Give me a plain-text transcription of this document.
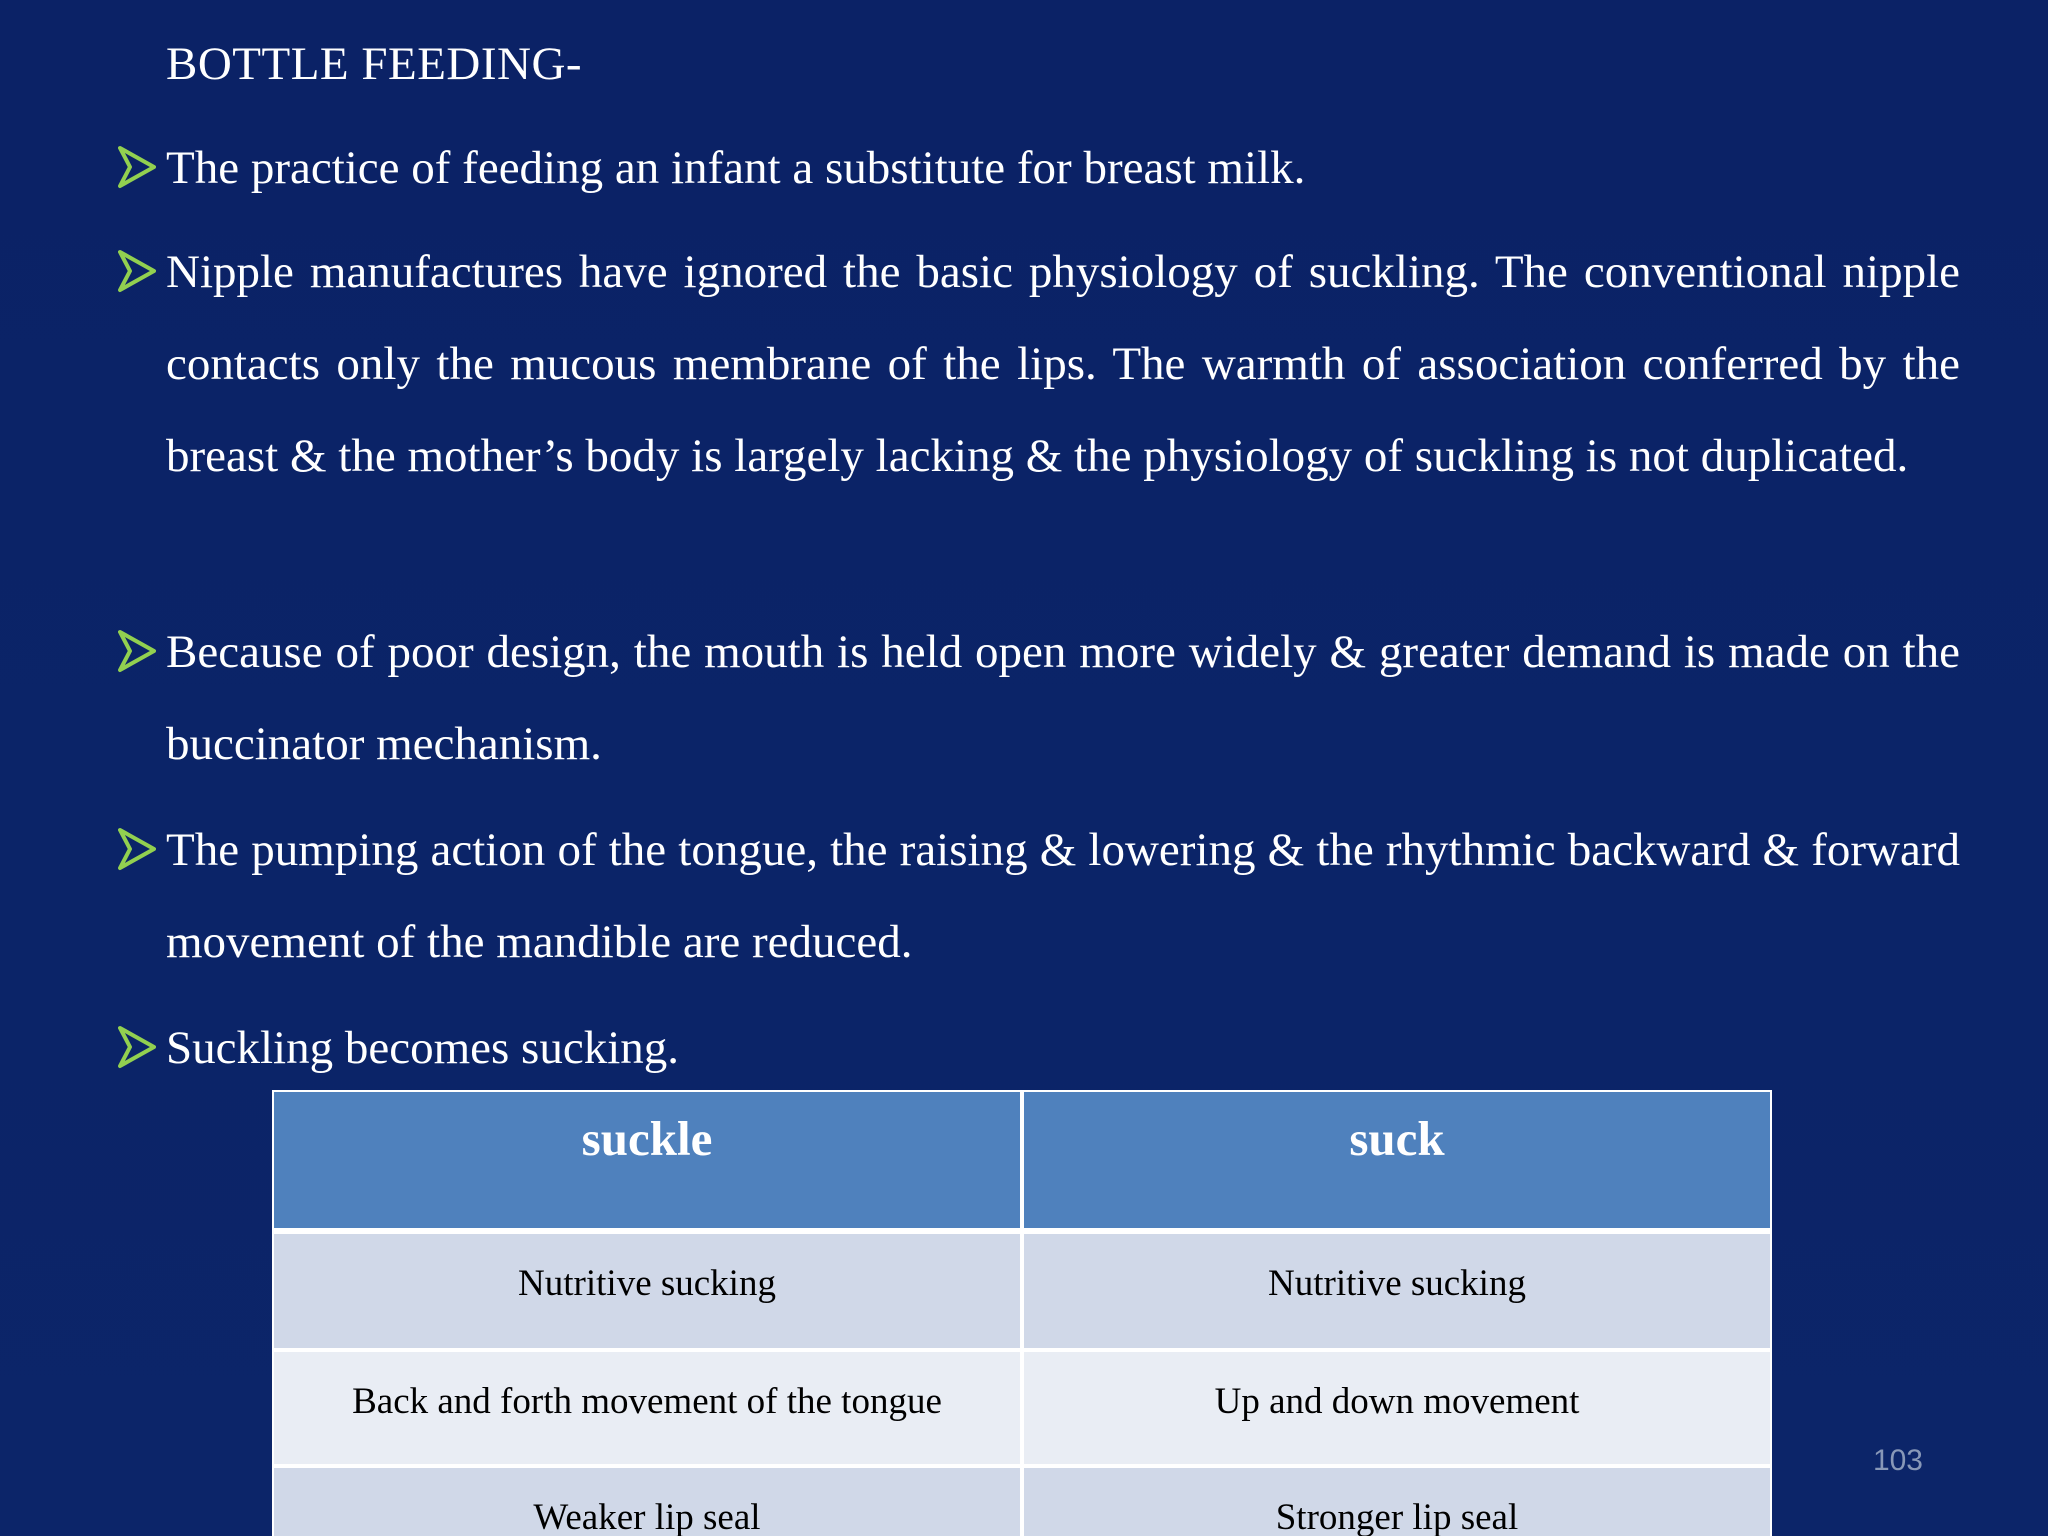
BOTTLE FEEDING-
The practice of feeding an infant a substitute for breast milk.
Nipple manufactures have ignored the basic physiology of suckling. The conventional nipple contacts only the mucous membrane of the lips. The warmth of association conferred by the breast & the mother’s body is largely lacking & the physiology of suckling is not duplicated.
Because of poor design, the mouth is held open more widely & greater demand is made on the buccinator mechanism.
The pumping action of the tongue, the raising & lowering & the rhythmic backward & forward movement of the mandible are reduced.
Suckling becomes sucking.
suckle	suck
Nutritive sucking	Nutritive sucking
Back and forth movement of the tongue	Up and down movement
Weaker lip seal	Stronger lip seal
103
